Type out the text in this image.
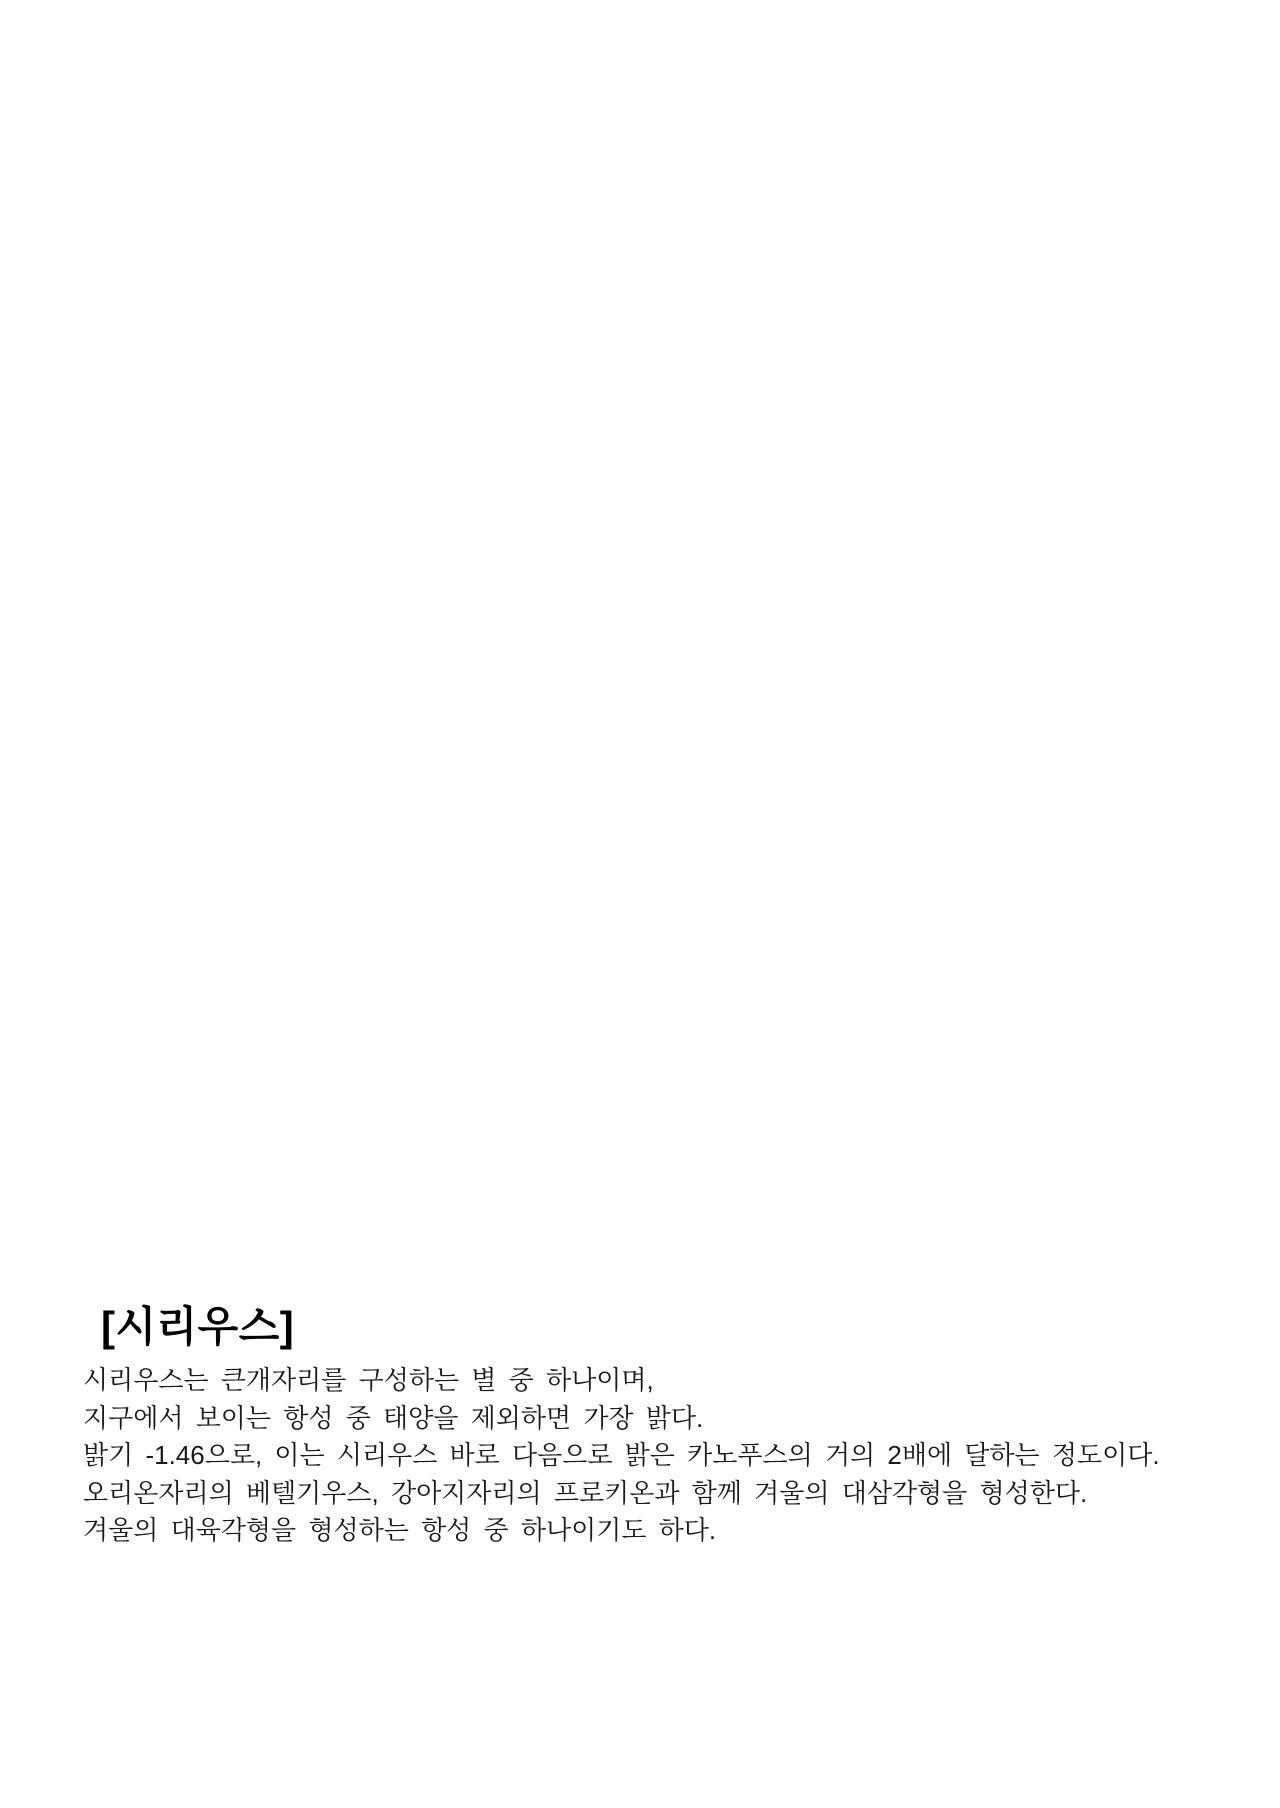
[시리우스]
시리우스는 큰개자리를 구성하는 별 중 하나이며,
지구에서 보이는 항성 중 태양을 제외하면 가장 밝다.
밝기 -1.46으로, 이는 시리우스 바로 다음으로 밝은 카노푸스의 거의 2배에 달하는 정도이다.
오리온자리의 베텔기우스, 강아지자리의 프로키온과 함께 겨울의 대삼각형을 형성한다.
겨울의 대육각형을 형성하는 항성 중 하나이기도 하다.
